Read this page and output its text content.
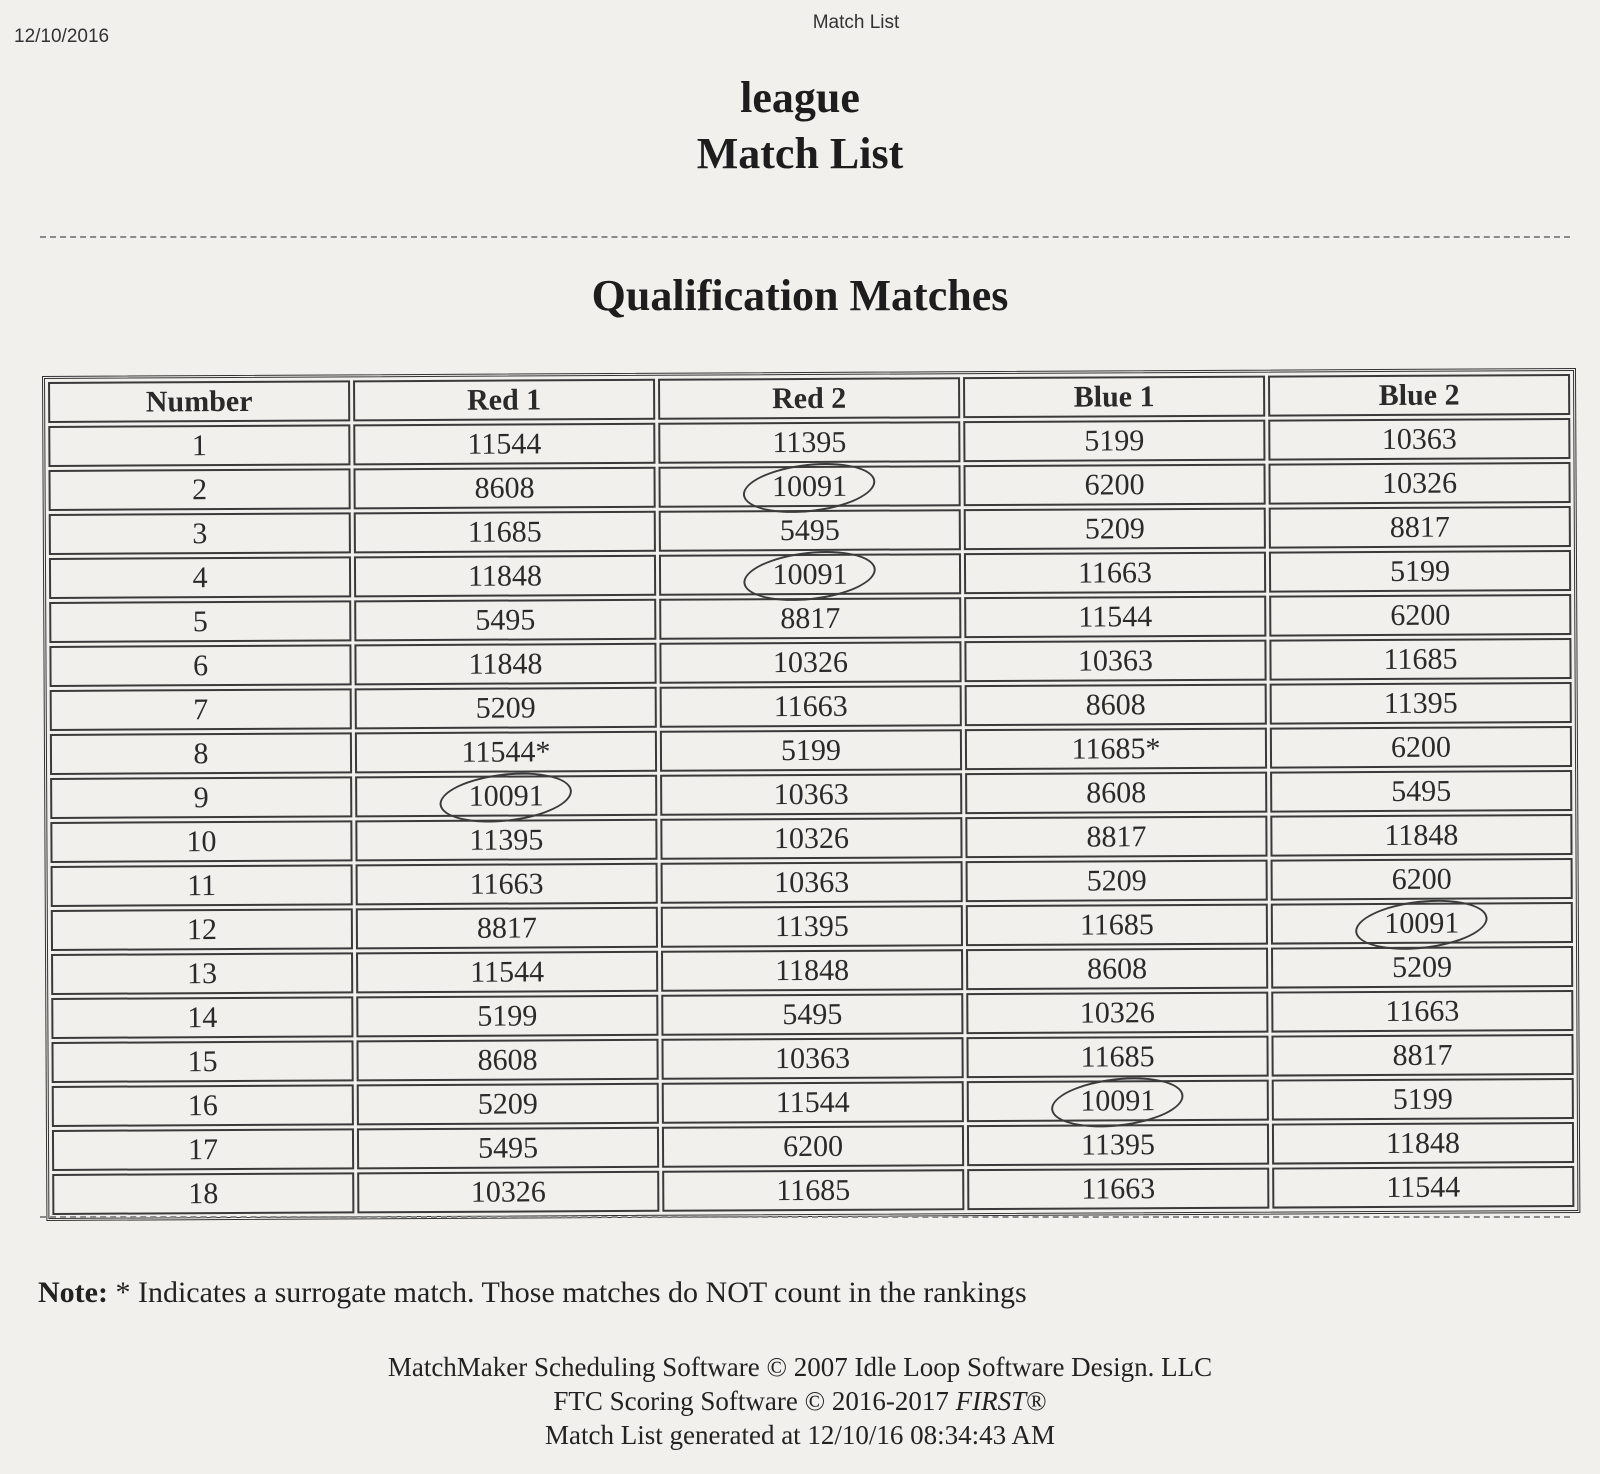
12/10/2016
Match List
league
Match List
Qualification Matches
Number	Red 1	Red 2	Blue 1	Blue 2
1	11544	11395	5199	10363
2	8608	10091	6200	10326
3	11685	5495	5209	8817
4	11848	10091	11663	5199
5	5495	8817	11544	6200
6	11848	10326	10363	11685
7	5209	11663	8608	11395
8	11544*	5199	11685*	6200
9	10091	10363	8608	5495
10	11395	10326	8817	11848
11	11663	10363	5209	6200
12	8817	11395	11685	10091
13	11544	11848	8608	5209
14	5199	5495	10326	11663
15	8608	10363	11685	8817
16	5209	11544	10091	5199
17	5495	6200	11395	11848
18	10326	11685	11663	11544
Note: * Indicates a surrogate match. Those matches do NOT count in the rankings
MatchMaker Scheduling Software © 2007 Idle Loop Software Design. LLC
FTC Scoring Software © 2016-2017 FIRST®
Match List generated at 12/10/16 08:34:43 AM
